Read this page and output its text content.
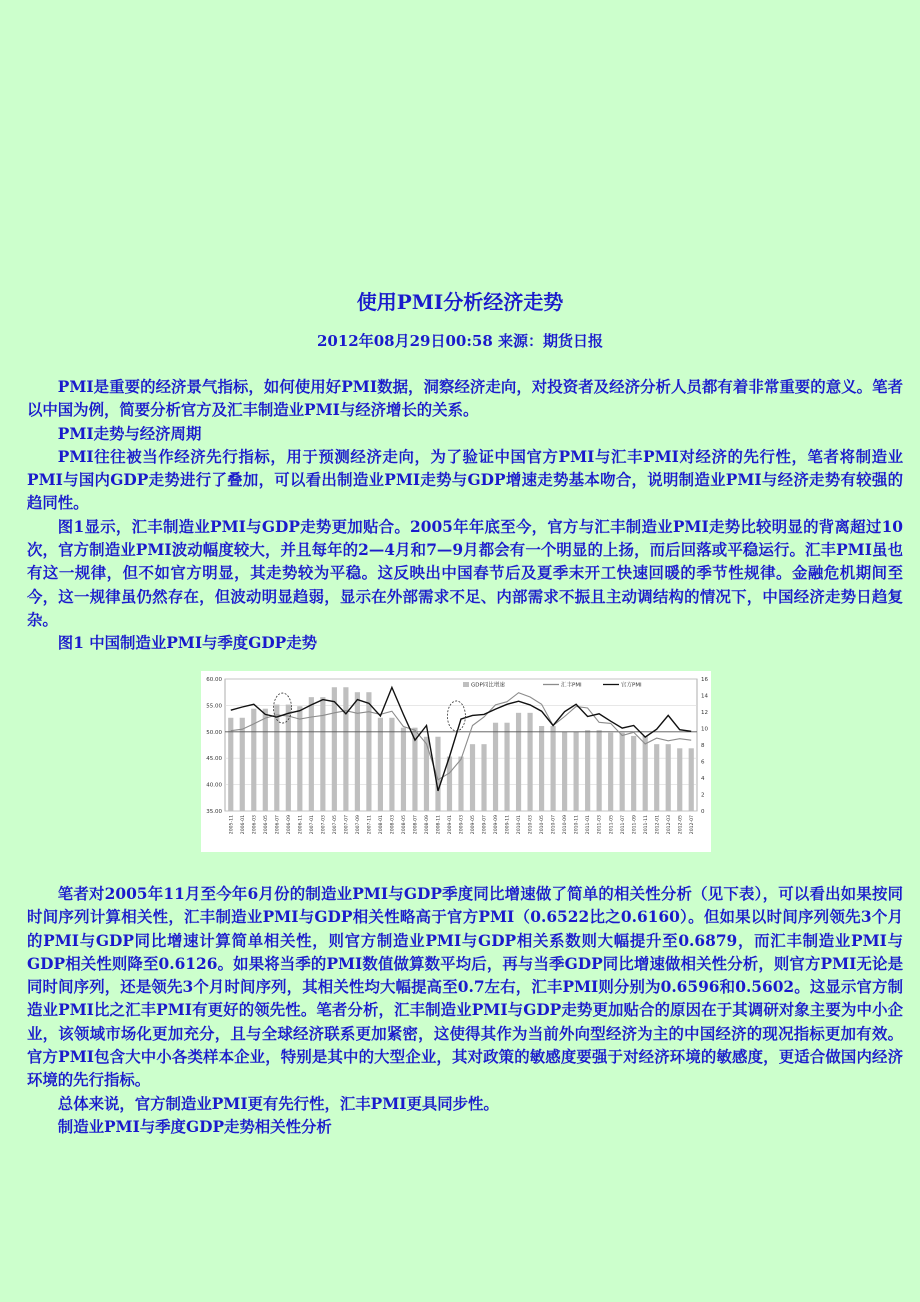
使用PMI分析经济走势
2012年08月29日00:58 来源：期货日报

PMI是重要的经济景气指标，如何使用好PMI数据，洞察经济走向，对投资者及经济分析人员都有着非常重要的意义。笔者以中国为例，简要分析官方及汇丰制造业PMI与经济增长的关系。

PMI走势与经济周期

PMI往往被当作经济先行指标，用于预测经济走向，为了验证中国官方PMI与汇丰PMI对经济的先行性，笔者将制造业PMI与国内GDP走势进行了叠加，可以看出制造业PMI走势与GDP增速走势基本吻合，说明制造业PMI与经济走势有较强的趋同性。

图1显示，汇丰制造业PMI与GDP走势更加贴合。2005年年底至今，官方与汇丰制造业PMI走势比较明显的背离超过10次，官方制造业PMI波动幅度较大，并且每年的2—4月和7—9月都会有一个明显的上扬，而后回落或平稳运行。汇丰PMI虽也有这一规律，但不如官方明显，其走势较为平稳。这反映出中国春节后及夏季末开工快速回暖的季节性规律。金融危机期间至今，这一规律虽仍然存在，但波动明显趋弱，显示在外部需求不足、内部需求不振且主动调结构的情况下，中国经济走势日趋复杂。

图1 中国制造业PMI与季度GDP走势

60.00
55.00
50.00
45.00
40.00
35.00
16
14
12
10
8
6
4
2
0
2005-11 2006-01 2006-03 2006-05 2006-07 2006-09 2006-11 2007-01 2007-03 2007-05 2007-07 2007-09 2007-11 2008-01 2008-03 2008-05 2008-07 2008-09 2008-11 2009-01 2009-03 2009-05 2009-07 2009-09 2009-11 2010-01 2010-03 2010-05 2010-07 2010-09 2010-11 2011-01 2011-03 2011-05 2011-07 2011-09 2011-11 2012-01 2012-03 2012-05 2012-07
GDP同比增速	汇丰PMI	官方PMI

笔者对2005年11月至今年6月份的制造业PMI与GDP季度同比增速做了简单的相关性分析（见下表），可以看出如果按同时间序列计算相关性，汇丰制造业PMI与GDP相关性略高于官方PMI（0.6522比之0.6160）。但如果以时间序列领先3个月的PMI与GDP同比增速计算简单相关性，则官方制造业PMI与GDP相关系数则大幅提升至0.6879，而汇丰制造业PMI与GDP相关性则降至0.6126。如果将当季的PMI数值做算数平均后，再与当季GDP同比增速做相关性分析，则官方PMI无论是同时间序列，还是领先3个月时间序列，其相关性均大幅提高至0.7左右，汇丰PMI则分别为0.6596和0.5602。这显示官方制造业PMI比之汇丰PMI有更好的领先性。笔者分析，汇丰制造业PMI与GDP走势更加贴合的原因在于其调研对象主要为中小企业，该领域市场化更加充分，且与全球经济联系更加紧密，这使得其作为当前外向型经济为主的中国经济的现况指标更加有效。官方PMI包含大中小各类样本企业，特别是其中的大型企业，其对政策的敏感度要强于对经济环境的敏感度，更适合做国内经济环境的先行指标。

总体来说，官方制造业PMI更有先行性，汇丰PMI更具同步性。

制造业PMI与季度GDP走势相关性分析
